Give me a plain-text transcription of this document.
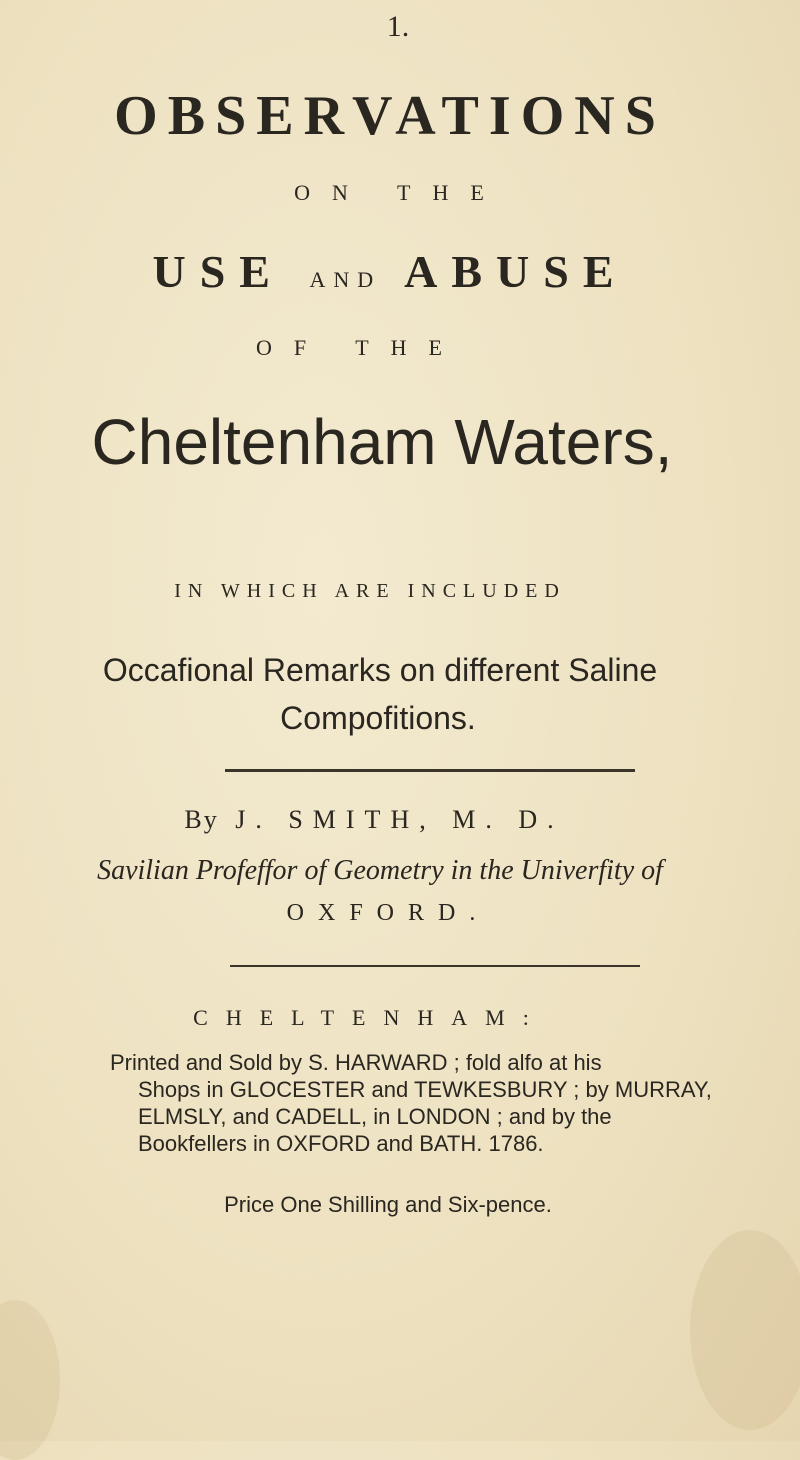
1.
OBSERVATIONS
ON THE
USE AND ABUSE
OF THE
Cheltenham Waters,
IN WHICH ARE INCLUDED
Occafional Remarks on different Saline
Compofitions.
By J. SMITH, M. D.
Savilian Profeffor of Geometry in the Univerfity of
OXFORD.
CHELTENHAM:
Printed and Sold by S. HARWARD ; fold alfo at his
Shops in GLOCESTER and TEWKESBURY ; by MURRAY,
ELMSLY, and CADELL, in LONDON ; and by the
Bookfellers in OXFORD and BATH. 1786.
Price One Shilling and Six-pence.
